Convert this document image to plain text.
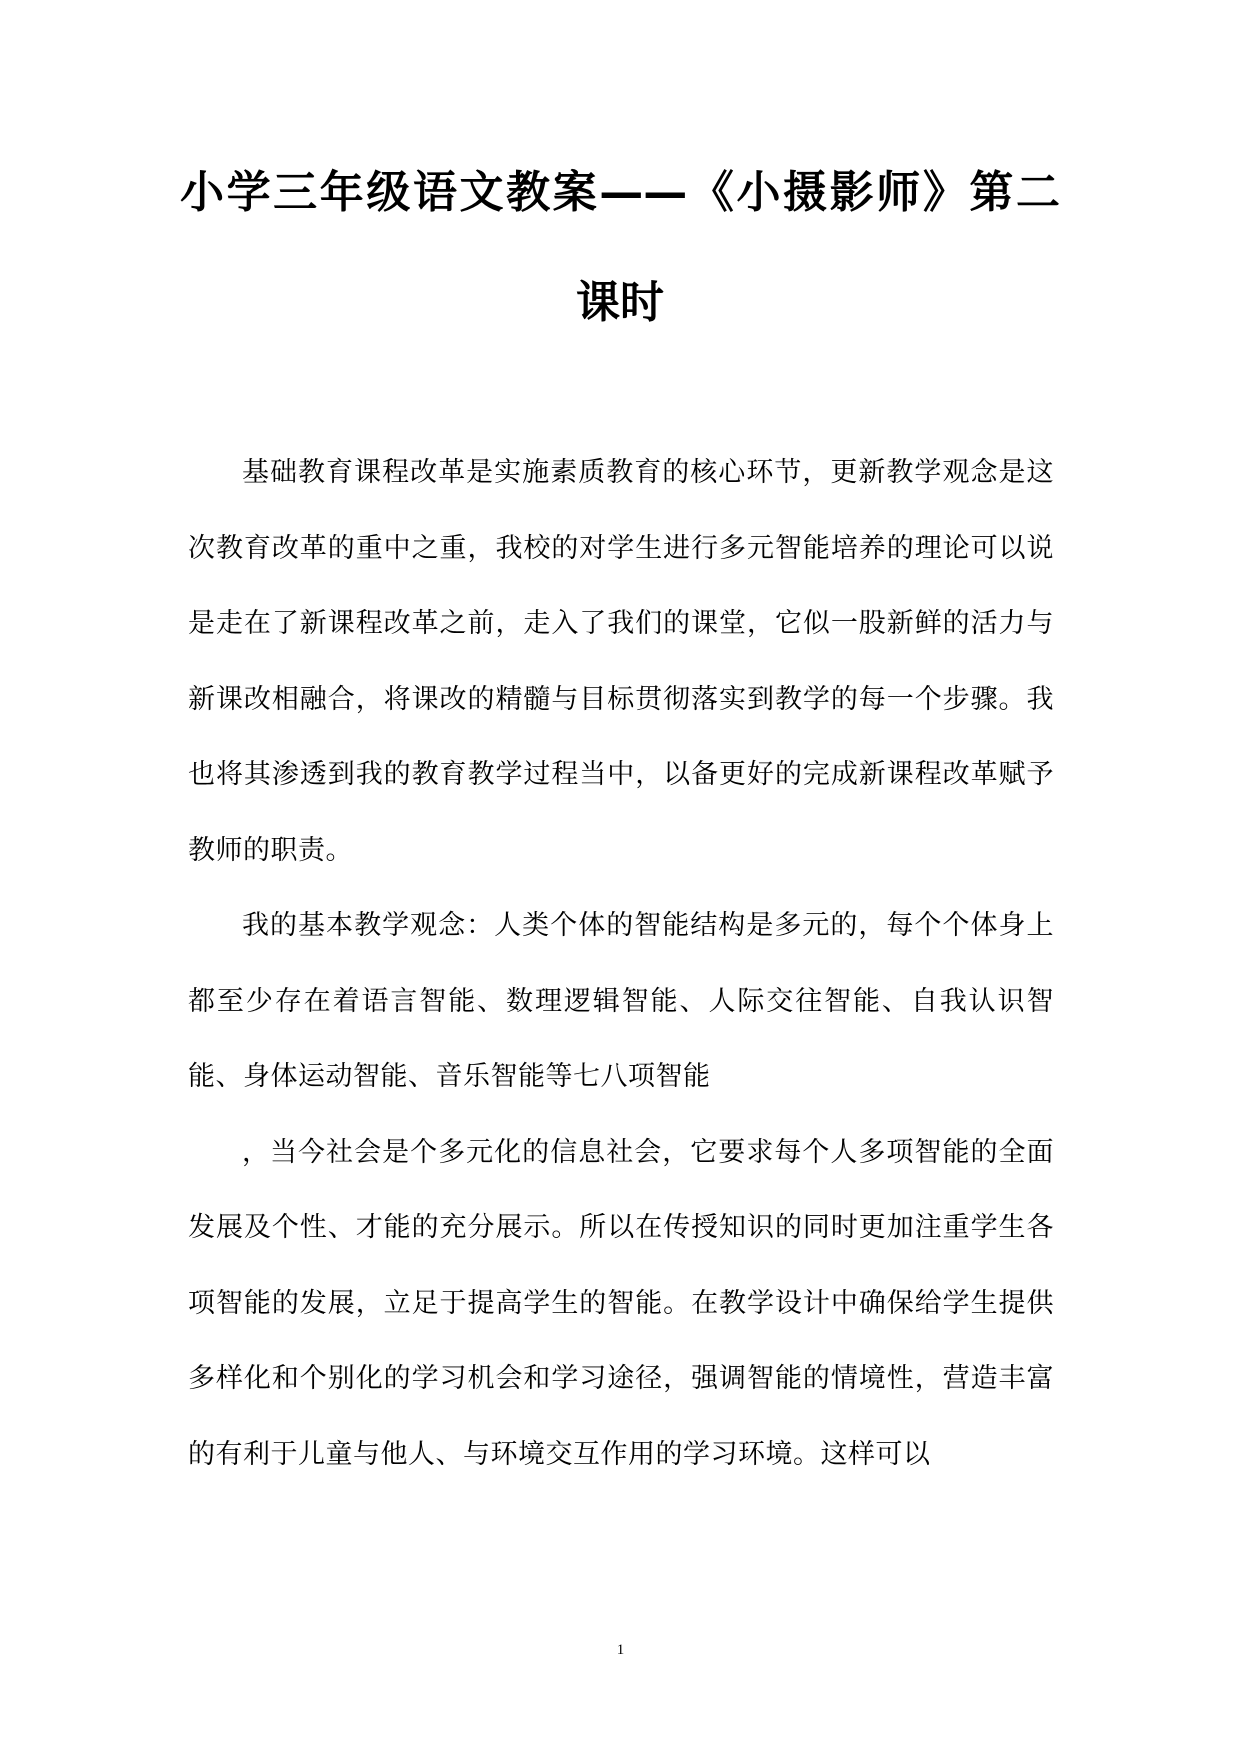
小学三年级语文教案——《小摄影师》第二
课时

基础教育课程改革是实施素质教育的核心环节，更新教学观念是这次教育改革的重中之重，我校的对学生进行多元智能培养的理论可以说是走在了新课程改革之前，走入了我们的课堂，它似一股新鲜的活力与新课改相融合，将课改的精髓与目标贯彻落实到教学的每一个步骤。我也将其渗透到我的教育教学过程当中，以备更好的完成新课程改革赋予教师的职责。

我的基本教学观念：人类个体的智能结构是多元的，每个个体身上都至少存在着语言智能、数理逻辑智能、人际交往智能、自我认识智能、身体运动智能、音乐智能等七八项智能

，当今社会是个多元化的信息社会，它要求每个人多项智能的全面发展及个性、才能的充分展示。所以在传授知识的同时更加注重学生各项智能的发展，立足于提高学生的智能。在教学设计中确保给学生提供多样化和个别化的学习机会和学习途径，强调智能的情境性，营造丰富的有利于儿童与他人、与环境交互作用的学习环境。这样可以

1
